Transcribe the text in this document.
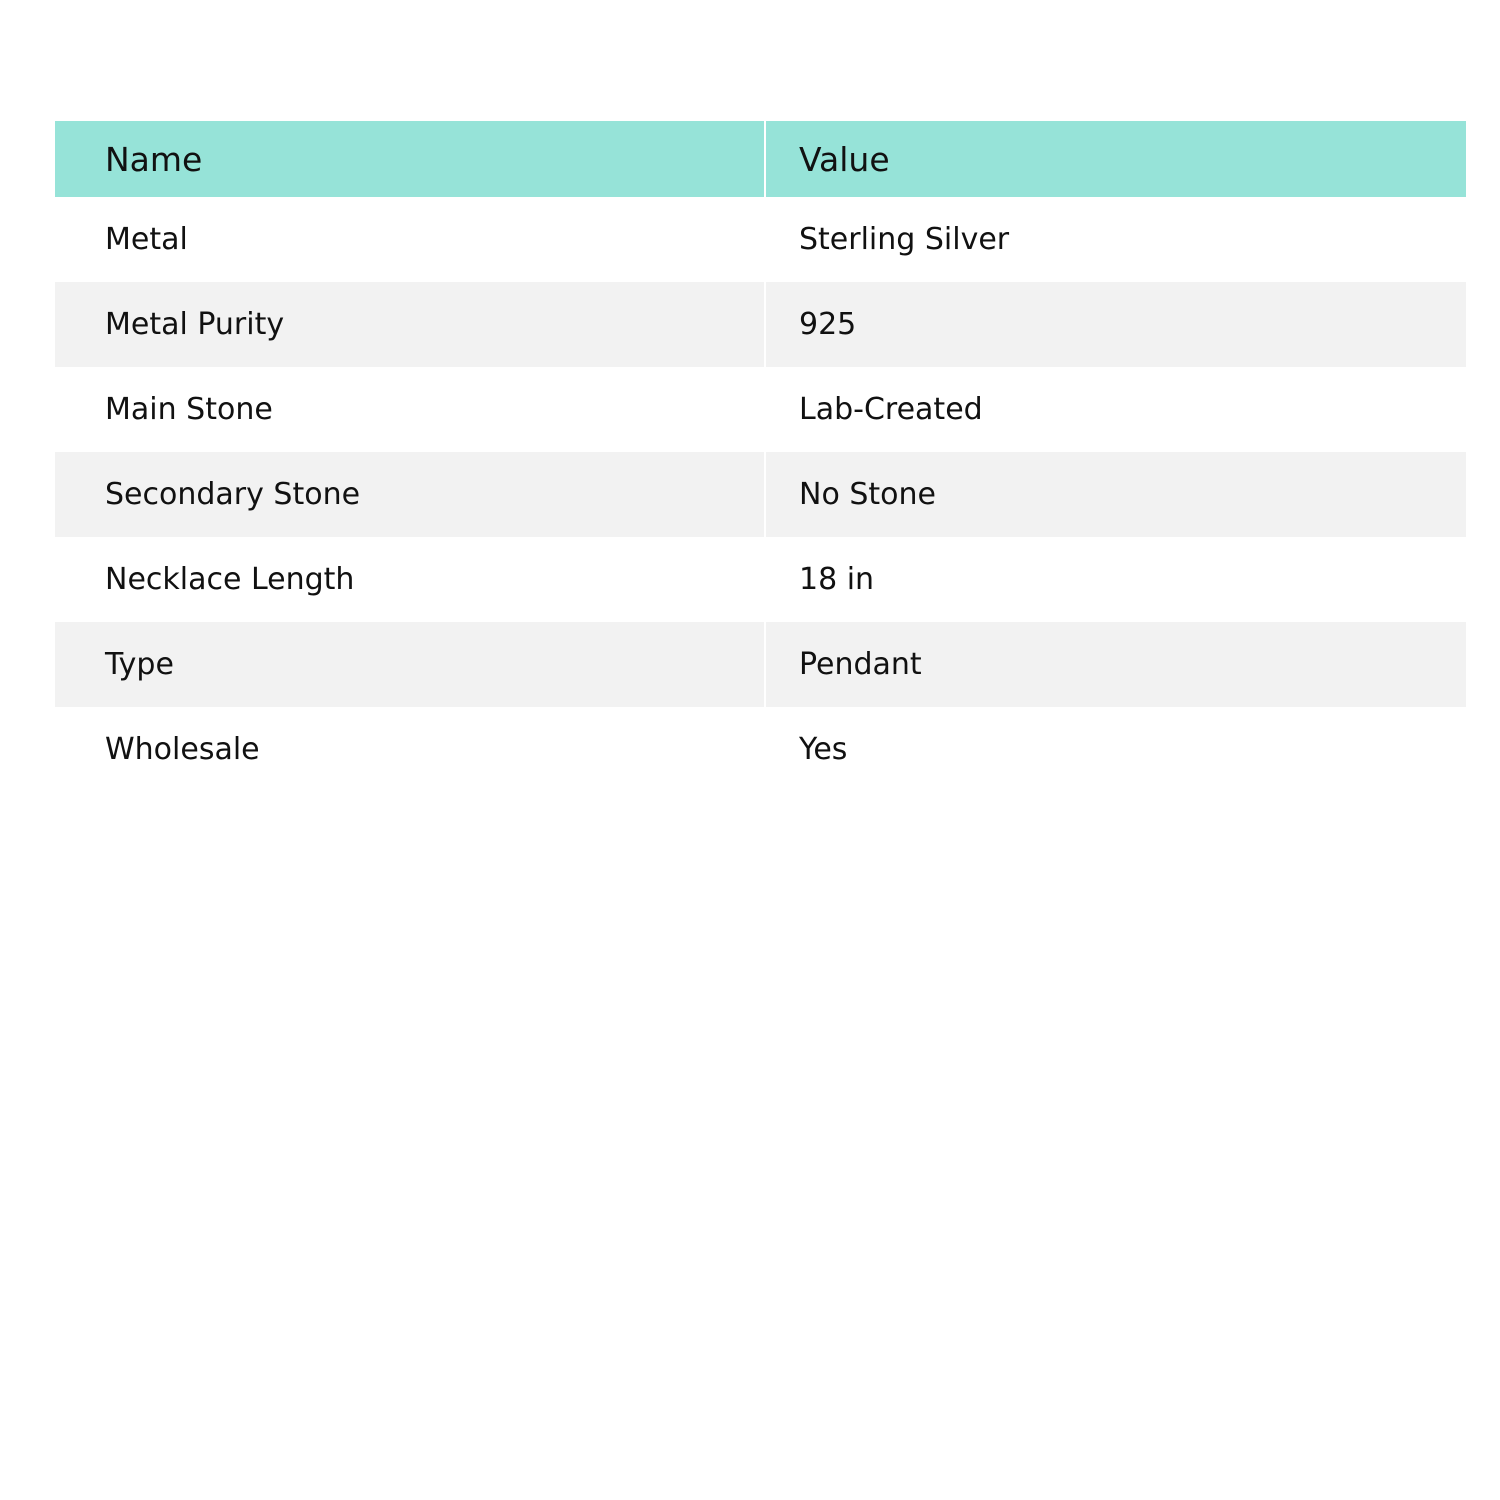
Name	Value
Metal	Sterling Silver
Metal Purity	925
Main Stone	Lab-Created
Secondary Stone	No Stone
Necklace Length	18 in
Type	Pendant
Wholesale	Yes
